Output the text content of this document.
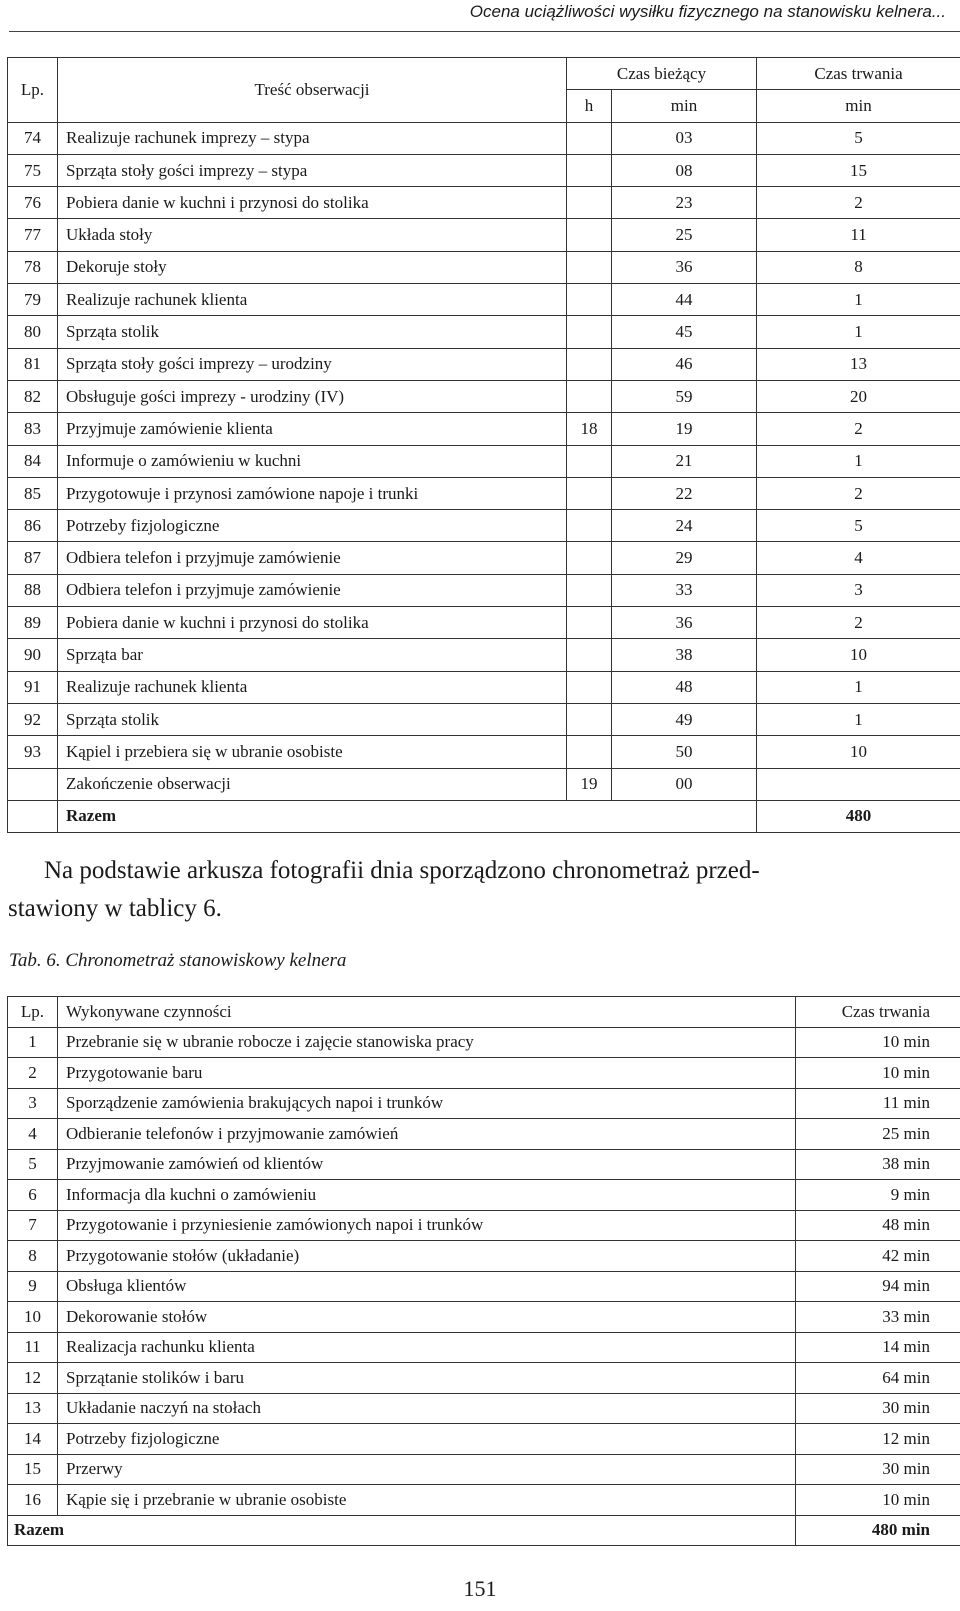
Ocena uciążliwości wysiłku fizycznego na stanowisku kelnera...
Lp.	Treść obserwacji	Czas bieżący		Czas trwania
		h	min	min
74	Realizuje rachunek imprezy – stypa		03	5
75	Sprząta stoły gości imprezy – stypa		08	15
76	Pobiera danie w kuchni i przynosi do stolika		23	2
77	Układa stoły		25	11
78	Dekoruje stoły		36	8
79	Realizuje rachunek klienta		44	1
80	Sprząta stolik		45	1
81	Sprząta stoły gości imprezy – urodziny		46	13
82	Obsługuje gości imprezy - urodziny (IV)		59	20
83	Przyjmuje zamówienie klienta	18	19	2
84	Informuje o zamówieniu w kuchni		21	1
85	Przygotowuje i przynosi zamówione napoje i trunki		22	2
86	Potrzeby fizjologiczne		24	5
87	Odbiera telefon i przyjmuje zamówienie		29	4
88	Odbiera telefon i przyjmuje zamówienie		33	3
89	Pobiera danie w kuchni i przynosi do stolika		36	2
90	Sprząta bar		38	10
91	Realizuje rachunek klienta		48	1
92	Sprząta stolik		49	1
93	Kąpiel i przebiera się w ubranie osobiste		50	10
	Zakończenie obserwacji	19	00	
	Razem			480
Na podstawie arkusza fotografii dnia sporządzono chronometraż przed-
stawiony w tablicy 6.
Tab. 6. Chronometraż stanowiskowy kelnera
Lp.	Wykonywane czynności	Czas trwania
1	Przebranie się w ubranie robocze i zajęcie stanowiska pracy	10 min
2	Przygotowanie baru	10 min
3	Sporządzenie zamówienia brakujących napoi i trunków	11 min
4	Odbieranie telefonów i przyjmowanie zamówień	25 min
5	Przyjmowanie zamówień od klientów	38 min
6	Informacja dla kuchni o zamówieniu	9 min
7	Przygotowanie i przyniesienie zamówionych napoi i trunków	48 min
8	Przygotowanie stołów (układanie)	42 min
9	Obsługa klientów	94 min
10	Dekorowanie stołów	33 min
11	Realizacja rachunku klienta	14 min
12	Sprzątanie stolików i baru	64 min
13	Układanie naczyń na stołach	30 min
14	Potrzeby fizjologiczne	12 min
15	Przerwy	30 min
16	Kąpie się i przebranie w ubranie osobiste	10 min
Razem		480 min
151
